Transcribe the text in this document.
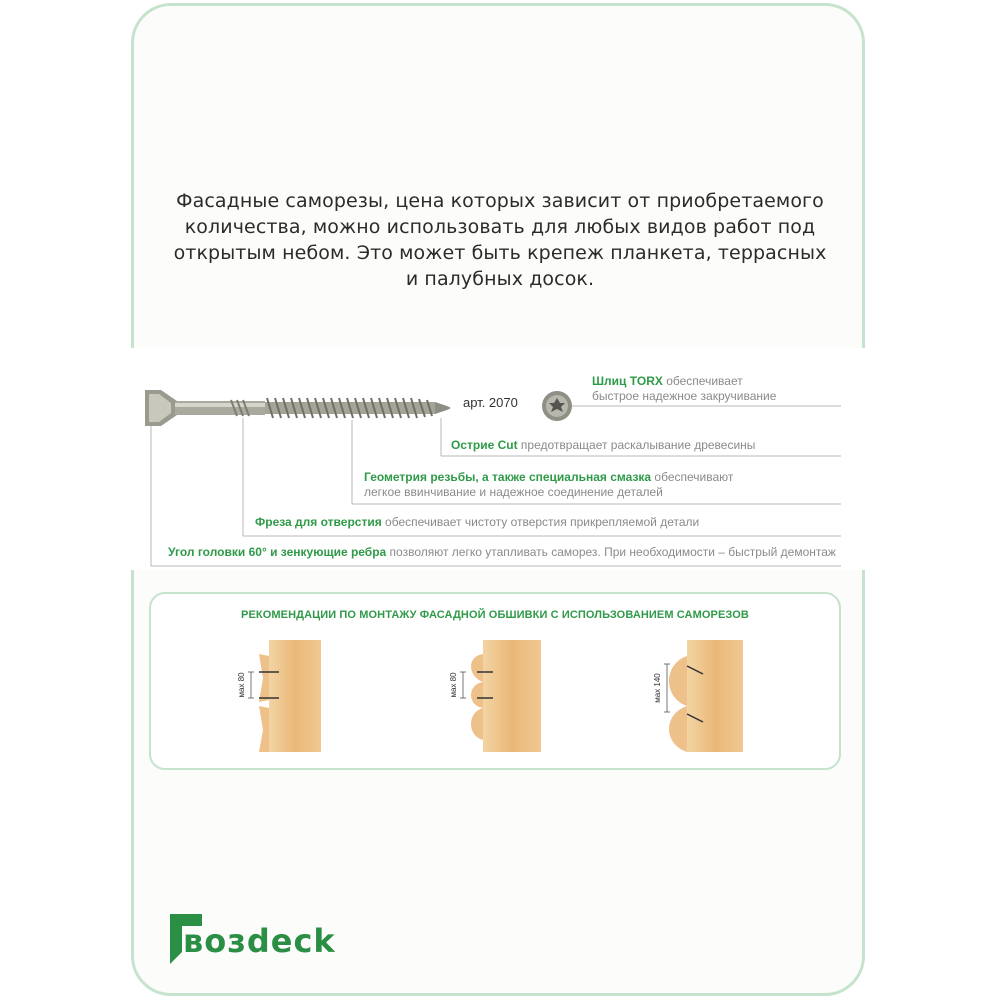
Фасадные саморезы, цена которых зависит от приобретаемого
количества, можно использовать для любых видов работ под
открытым небом. Это может быть крепеж планкета, террасных
и палубных досок.
арт. 2070
Шлиц TORX обеспечивает
быстрое надежное закручивание
Острие Cut предотвращает раскалывание древесины
Геометрия резьбы, а также специальная смазка обеспечивают
легкое ввинчивание и надежное соединение деталей
Фреза для отверстия обеспечивает чистоту отверстия прикрепляемой детали
Угол головки 60° и зенкующие ребра позволяют легко утапливать саморез. При необходимости – быстрый демонтаж
РЕКОМЕНДАЦИИ ПО МОНТАЖУ ФАСАДНОЙ ОБШИВКИ С ИСПОЛЬЗОВАНИЕМ САМОРЕЗОВ
мах 80	мах 80	мах 140
возdeck
